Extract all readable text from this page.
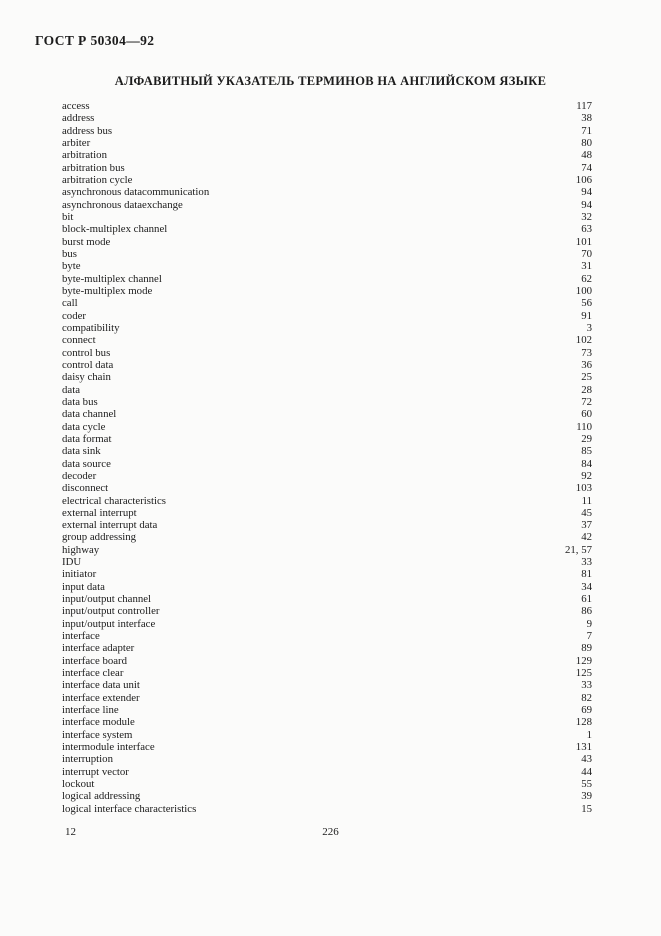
ГОСТ Р 50304—92
АЛФАВИТНЫЙ УКАЗАТЕЛЬ ТЕРМИНОВ НА АНГЛИЙСКОМ ЯЗЫКЕ
access	117
address	38
address bus	71
arbiter	80
arbitration	48
arbitration bus	74
arbitration cycle	106
asynchronous datacommunication	94
asynchronous dataexchange	94
bit	32
block-multiplex channel	63
burst mode	101
bus	70
byte	31
byte-multiplex channel	62
byte-multiplex mode	100
call	56
coder	91
compatibility	3
connect	102
control bus	73
control data	36
daisy chain	25
data	28
data bus	72
data channel	60
data cycle	110
data format	29
data sink	85
data source	84
decoder	92
disconnect	103
electrical characteristics	11
external interrupt	45
external interrupt data	37
group addressing	42
highway	21, 57
IDU	33
initiator	81
input data	34
input/output channel	61
input/output controller	86
input/output interface	9
interface	7
interface adapter	89
interface board	129
interface clear	125
interface data unit	33
interface extender	82
interface line	69
interface module	128
interface system	1
intermodule interface	131
interruption	43
interrupt vector	44
lockout	55
logical addressing	39
logical interface characteristics	15
12	226
